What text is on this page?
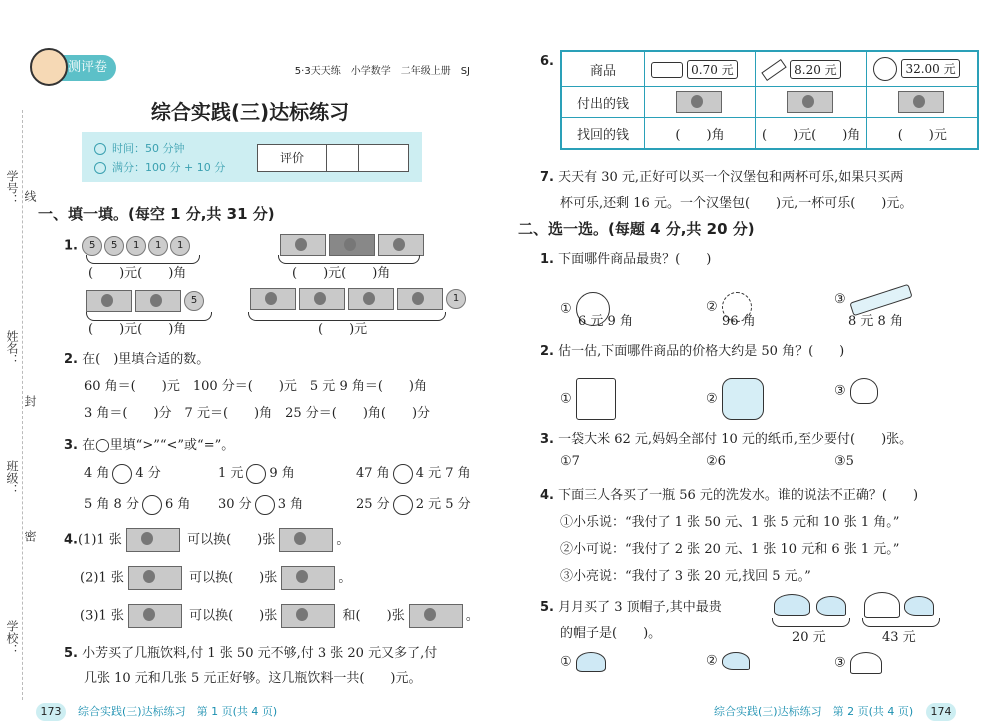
学号：
姓名：
班级：
学校：
线
封
密
测评卷	5·3天天练　小学数学　二年级上册　SJ
综合实践(三)达标练习
时间：50 分钟
满分：100 分 + 10 分
评价
一、填一填。(每空 1 分,共 31 分)
1. 5 5 1 1 1
(　　)元(　　)角	(　　)元(　　)角
5
(　　)元(　　)角
1
(　　)元
2. 在(　)里填合适的数。
60 角＝(　　)元　100 分＝(　　)元　5 元 9 角＝(　　)角
3 角＝(　　)分　7 元＝(　　)角　25 分＝(　　)角(　　)分
3. 在◯里填“>”“<”或“=”。
4 角 4 分	1 元 9 角	47 角 4 元 7 角
5 角 8 分 6 角 30 分 3 角	25 分 2 元 5 分
4.(1)1 张	可以换(　　)张	。
(2)1 张	可以换(　　)张	。
(3)1 张	可以换(　　)张	和(　　)张	。
5. 小芳买了几瓶饮料,付 1 张 50 元不够,付 3 张 20 元又多了,付
几张 10 元和几张 5 元正好够。这几瓶饮料一共(　　)元。
173	综合实践(三)达标练习　第 1 页(共 4 页)
6.
商品	0.70 元	8.20 元	32.00 元
付出的钱			
找回的钱	(　　)角	(　　)元(　　)角	(　　)元
7. 天天有 30 元,正好可以买一个汉堡包和两杯可乐,如果只买两
杯可乐,还剩 16 元。一个汉堡包(　　)元,一杯可乐(　　)元。
二、选一选。(每题 4 分,共 20 分)
1. 下面哪件商品最贵？(　　)
①
6 元 9 角
②
96 角
③
8 元 8 角
2. 估一估,下面哪件商品的价格大约是 50 角？(　　)
①	②
③
3. 一袋大米 62 元,妈妈全部付 10 元的纸币,至少要付(　　)张。
①7	②6	③5
4. 下面三人各买了一瓶 56 元的洗发水。谁的说法不正确？(　　)
①小乐说：“我付了 1 张 50 元、1 张 5 元和 10 张 1 角。”
②小可说：“我付了 2 张 20 元、1 张 10 元和 6 张 1 元。”
③小亮说：“我付了 3 张 20 元,找回 5 元。”
5. 月月买了 3 顶帽子,其中最贵
的帽子是(　　)。	20 元	43 元
①	②	③
综合实践(三)达标练习　第 2 页(共 4 页)	174
